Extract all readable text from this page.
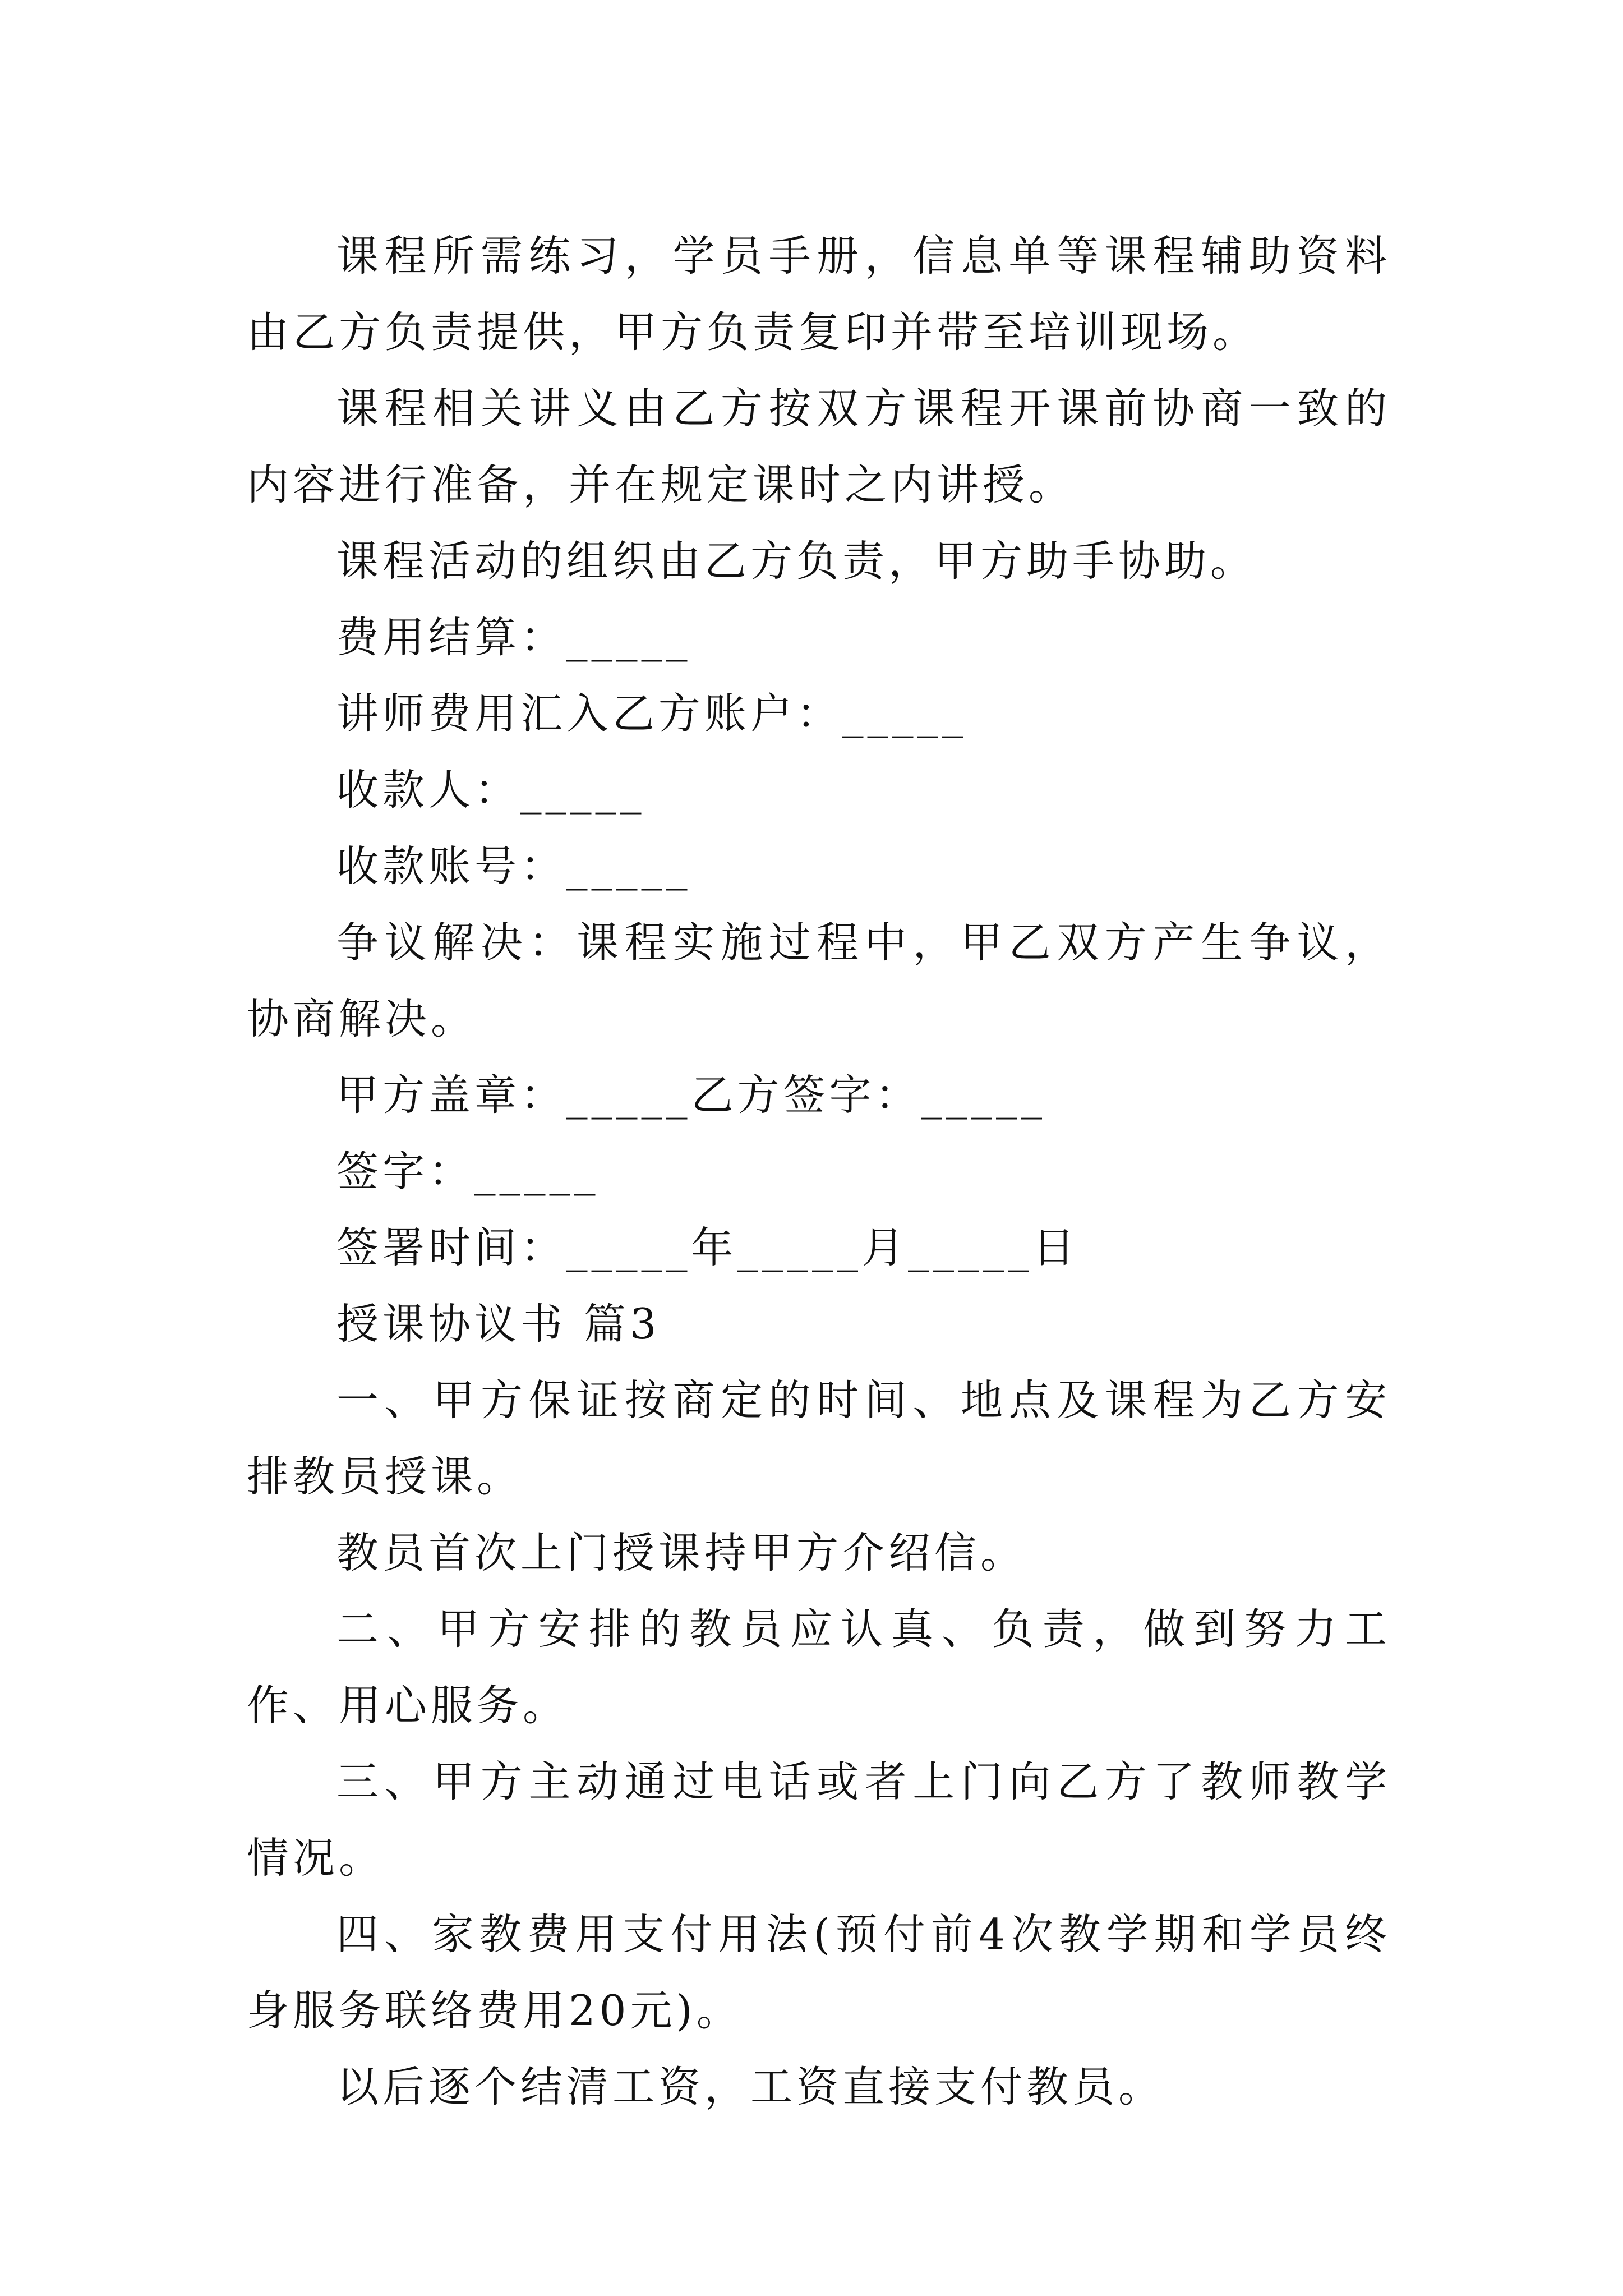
课程所需练习，学员手册，信息单等课程辅助资料由乙方负责提供，甲方负责复印并带至培训现场。

课程相关讲义由乙方按双方课程开课前协商一致的内容进行准备，并在规定课时之内讲授。

课程活动的组织由乙方负责，甲方助手协助。

费用结算：_____

讲师费用汇入乙方账户：_____

收款人：_____

收款账号：_____

争议解决：课程实施过程中，甲乙双方产生争议，协商解决。

甲方盖章：_____乙方签字：_____

签字：_____

签署时间：_____年_____月_____日

授课协议书 篇3

一、甲方保证按商定的时间、地点及课程为乙方安排教员授课。

教员首次上门授课持甲方介绍信。

二、甲方安排的教员应认真、负责，做到努力工作、用心服务。

三、甲方主动通过电话或者上门向乙方了教师教学情况。

四、家教费用支付用法(预付前4次教学期和学员终身服务联络费用20元)。

以后逐个结清工资，工资直接支付教员。
